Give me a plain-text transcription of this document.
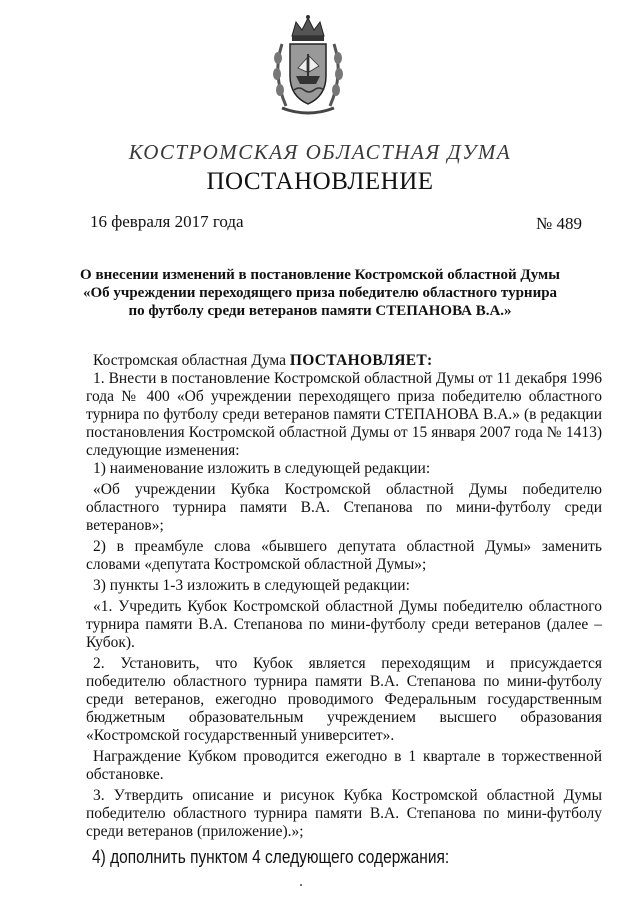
КОСТРОМСКАЯ ОБЛАСТНАЯ ДУМА
ПОСТАНОВЛЕНИЕ
16 февраля 2017 года	№ 489
О внесении изменений в постановление Костромской областной Думы
«Об учреждении переходящего приза победителю областного турнира
по футболу среди ветеранов памяти СТЕПАНОВА В.А.»

Костромская областная Дума ПОСТАНОВЛЯЕТ:

1. Внести в постановление Костромской областной Думы от 11 декабря 1996 года № 400 «Об учреждении переходящего приза победителю областного турнира по футболу среди ветеранов памяти СТЕПАНОВА В.А.» (в редакции постановления Костромской областной Думы от 15 января 2007 года № 1413) следующие изменения:

1) наименование изложить в следующей редакции:

«Об учреждении Кубка Костромской областной Думы победителю областного турнира памяти В.А. Степанова по мини-футболу среди ветеранов»;

2) в преамбуле слова «бывшего депутата областной Думы» заменить словами «депутата Костромской областной Думы»;

3) пункты 1-3 изложить в следующей редакции:

«1. Учредить Кубок Костромской областной Думы победителю областного турнира памяти В.А. Степанова по мини-футболу среди ветеранов (далее – Кубок).

2. Установить, что Кубок является переходящим и присуждается победителю областного турнира памяти В.А. Степанова по мини-футболу среди ветеранов, ежегодно проводимого Федеральным государственным бюджетным образовательным учреждением высшего образования «Костромской государственный университет».

Награждение Кубком проводится ежегодно в 1 квартале в торжественной обстановке.

3. Утвердить описание и рисунок Кубка Костромской областной Думы победителю областного турнира памяти В.А. Степанова по мини-футболу среди ветеранов (приложение).»;

4) дополнить пунктом 4 следующего содержания:
